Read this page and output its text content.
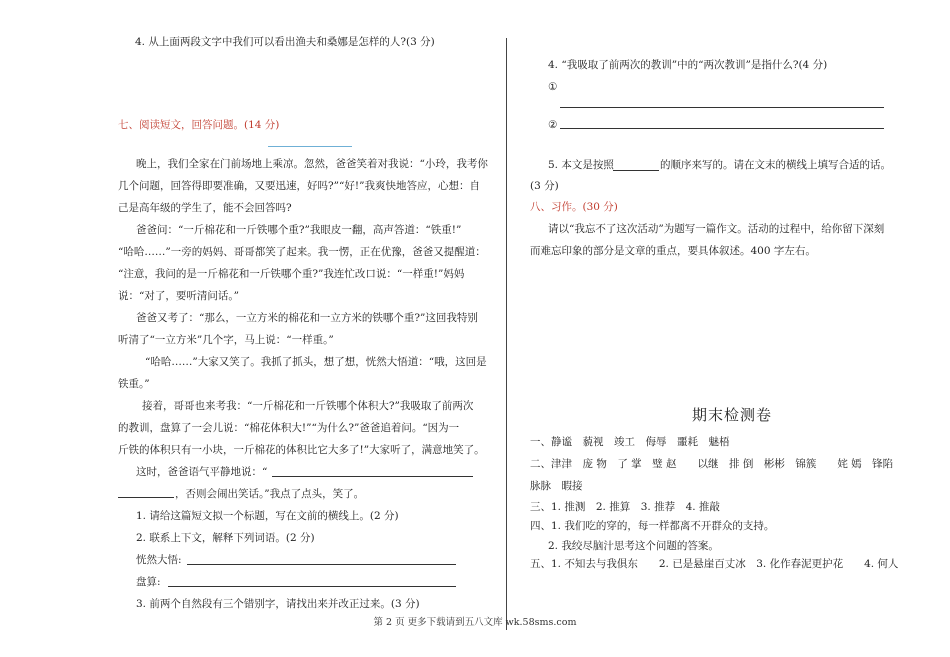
4. 从上面两段文字中我们可以看出渔夫和桑娜是怎样的人?(3 分)
七、阅读短文，回答问题。(14 分)
晚上，我们全家在门前场地上乘凉。忽然，爸爸笑着对我说：“小玲，我考你
几个问题，回答得即要准确，又要迅速，好吗?”“好!”我爽快地答应，心想：自
己是高年级的学生了，能不会回答吗?
爸爸问：“一斤棉花和一斤铁哪个重?”我眼皮一翻，高声答道：“铁重!”
“哈哈……”一旁的妈妈、哥哥都笑了起来。我一愣，正在优豫，爸爸又提醒道：
“注意，我问的是一斤棉花和一斤铁哪个重?”我连忙改口说：“一样重!”妈妈
说：“对了，要听清问话。”
爸爸又考了：“那么，一立方米的棉花和一立方米的铁哪个重?”这回我特别
听清了“一立方米”几个字，马上说：“一样重。”
“哈哈……”大家又笑了。我抓了抓头，想了想，恍然大悟道：“哦，这回是
铁重。”
接着，哥哥也来考我：“一斤棉花和一斤铁哪个体积大?”我吸取了前两次
的教训，盘算了一会儿说：“棉花体积大!”“为什么?”爸爸追着问。“因为一
斤铁的体积只有一小块，一斤棉花的体积比它大多了!”大家听了，满意地笑了。
这时，爸爸语气平静地说：“
，否则会闹出笑话。”我点了点头，笑了。
1. 请给这篇短文拟一个标题，写在文前的横线上。(2 分)
2. 联系上下文，解释下列词语。(2 分)
恍然大悟:
盘算:
3. 前两个自然段有三个错别字，请找出来并改正过来。(3 分)
4. “我吸取了前两次的教训”中的“两次教训”是指什么?(4 分)
①
②
5. 本文是按照	的顺序来写的。请在文末的横线上填写合适的话。
(3 分)
八、习作。(30 分)
请以“我忘不了这次活动”为题写一篇作文。活动的过程中，给你留下深刻
而难忘印象的部分是文章的重点，要具体叙述。400 字左右。
期末检测卷
一、静谧　藐视　竣工　侮辱　噩耗　魅梧
二、津津　庞 物　了 掌　璧 赵　　以继　排 倒　彬彬　锦簇　　姹 嫣　锋陷
脉脉　暇接
三、1. 推测　2. 推算　3. 推荐　4. 推敲
四、1. 我们吃的穿的，每一样都离不开群众的支持。
2. 我绞尽脑汁思考这个问题的答案。
五、1. 不知去与我俱东　　2. 已是悬崖百丈冰　3. 化作春泥更护花　　4. 何人
第 2 页 更多下载请到五八文库 wk.58sms.com
